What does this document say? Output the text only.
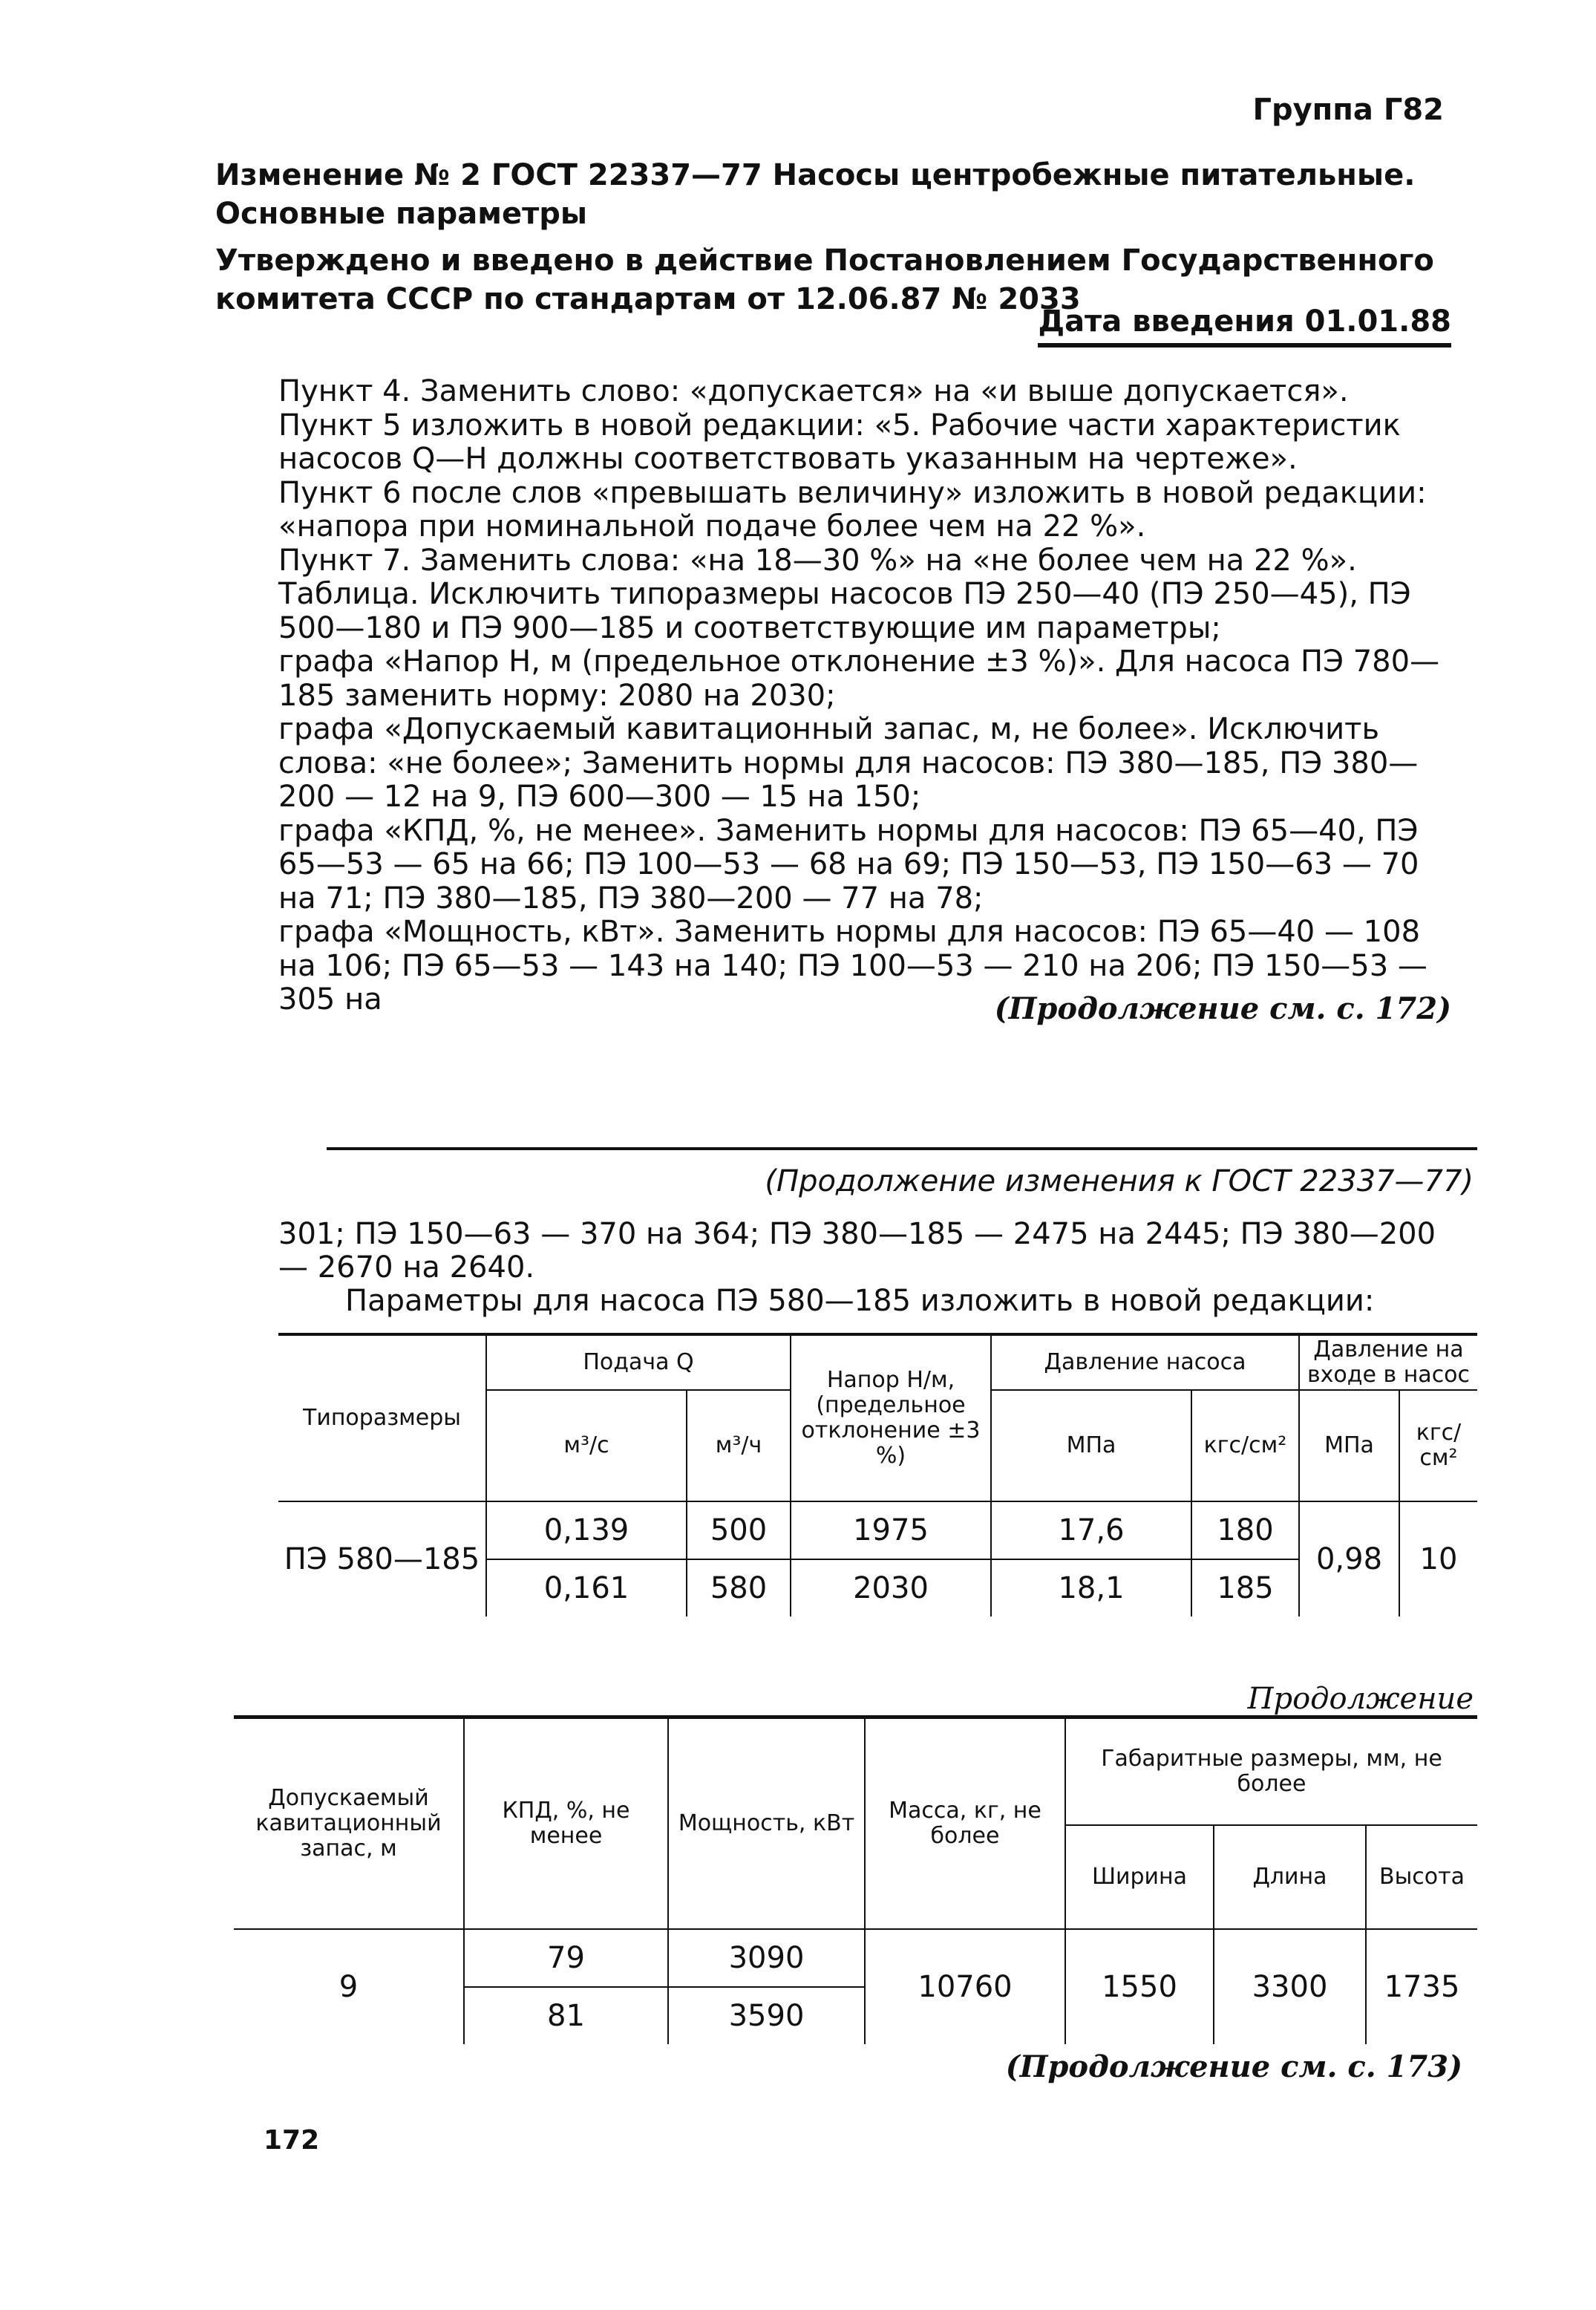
Группа Г82
Изменение № 2 ГОСТ 22337—77 Насосы центробежные питательные. Основные параметры
Утверждено и введено в действие Постановлением Государственного комитета СССР по стандартам от 12.06.87 № 2033
Дата введения 01.01.88

Пункт 4. Заменить слово: «допускается» на «и выше допускается».

Пункт 5 изложить в новой редакции: «5. Рабочие части характеристик насосов Q—H должны соответствовать указанным на чертеже».

Пункт 6 после слов «превышать величину» изложить в новой редакции: «напора при номинальной подаче более чем на 22 %».

Пункт 7. Заменить слова: «на 18—30 %» на «не более чем на 22 %».

Таблица. Исключить типоразмеры насосов ПЭ 250—40 (ПЭ 250—45), ПЭ 500—180 и ПЭ 900—185 и соответствующие им параметры;

графа «Напор H, м (предельное отклонение ±3 %)». Для насоса ПЭ 780—185 заменить норму: 2080 на 2030;

графа «Допускаемый кавитационный запас, м, не более». Исключить слова: «не более»; Заменить нормы для насосов: ПЭ 380—185, ПЭ 380—200 — 12 на 9, ПЭ 600—300 — 15 на 150;

графа «КПД, %, не менее». Заменить нормы для насосов: ПЭ 65—40, ПЭ 65—53 — 65 на 66; ПЭ 100—53 — 68 на 69; ПЭ 150—53, ПЭ 150—63 — 70 на 71; ПЭ 380—185, ПЭ 380—200 — 77 на 78;

графа «Мощность, кВт». Заменить нормы для насосов: ПЭ 65—40 — 108 на 106; ПЭ 65—53 — 143 на 140; ПЭ 100—53 — 210 на 206; ПЭ 150—53 — 305 на	(Продолжение см. с. 172)
(Продолжение изменения к ГОСТ 22337—77)

301; ПЭ 150—63 — 370 на 364; ПЭ 380—185 — 2475 на 2445; ПЭ 380—200 — 2670 на 2640.

Параметры для насоса ПЭ 580—185 изложить в новой редакции:

Типоразмеры	Подача Q		Напор H/м, (предельное отклонение ±3 %)	Давление насоса		Давление на входе в насос	
	м³/с	м³/ч		МПа	кгс/см²	МПа	кгс/см²
ПЭ 580—185	0,139	500	1975	17,6	180	0,98	10
	0,161	580	2030	18,1	185		
Продолжение
Допускаемый кавитационный запас, м	КПД, %, не менее	Мощность, кВт	Масса, кг, не более	Габаритные размеры, мм, не более		
				Ширина	Длина	Высота
9	79	3090	10760	1550	3300	1735
	81	3590				
(Продолжение см. с. 173)
172
